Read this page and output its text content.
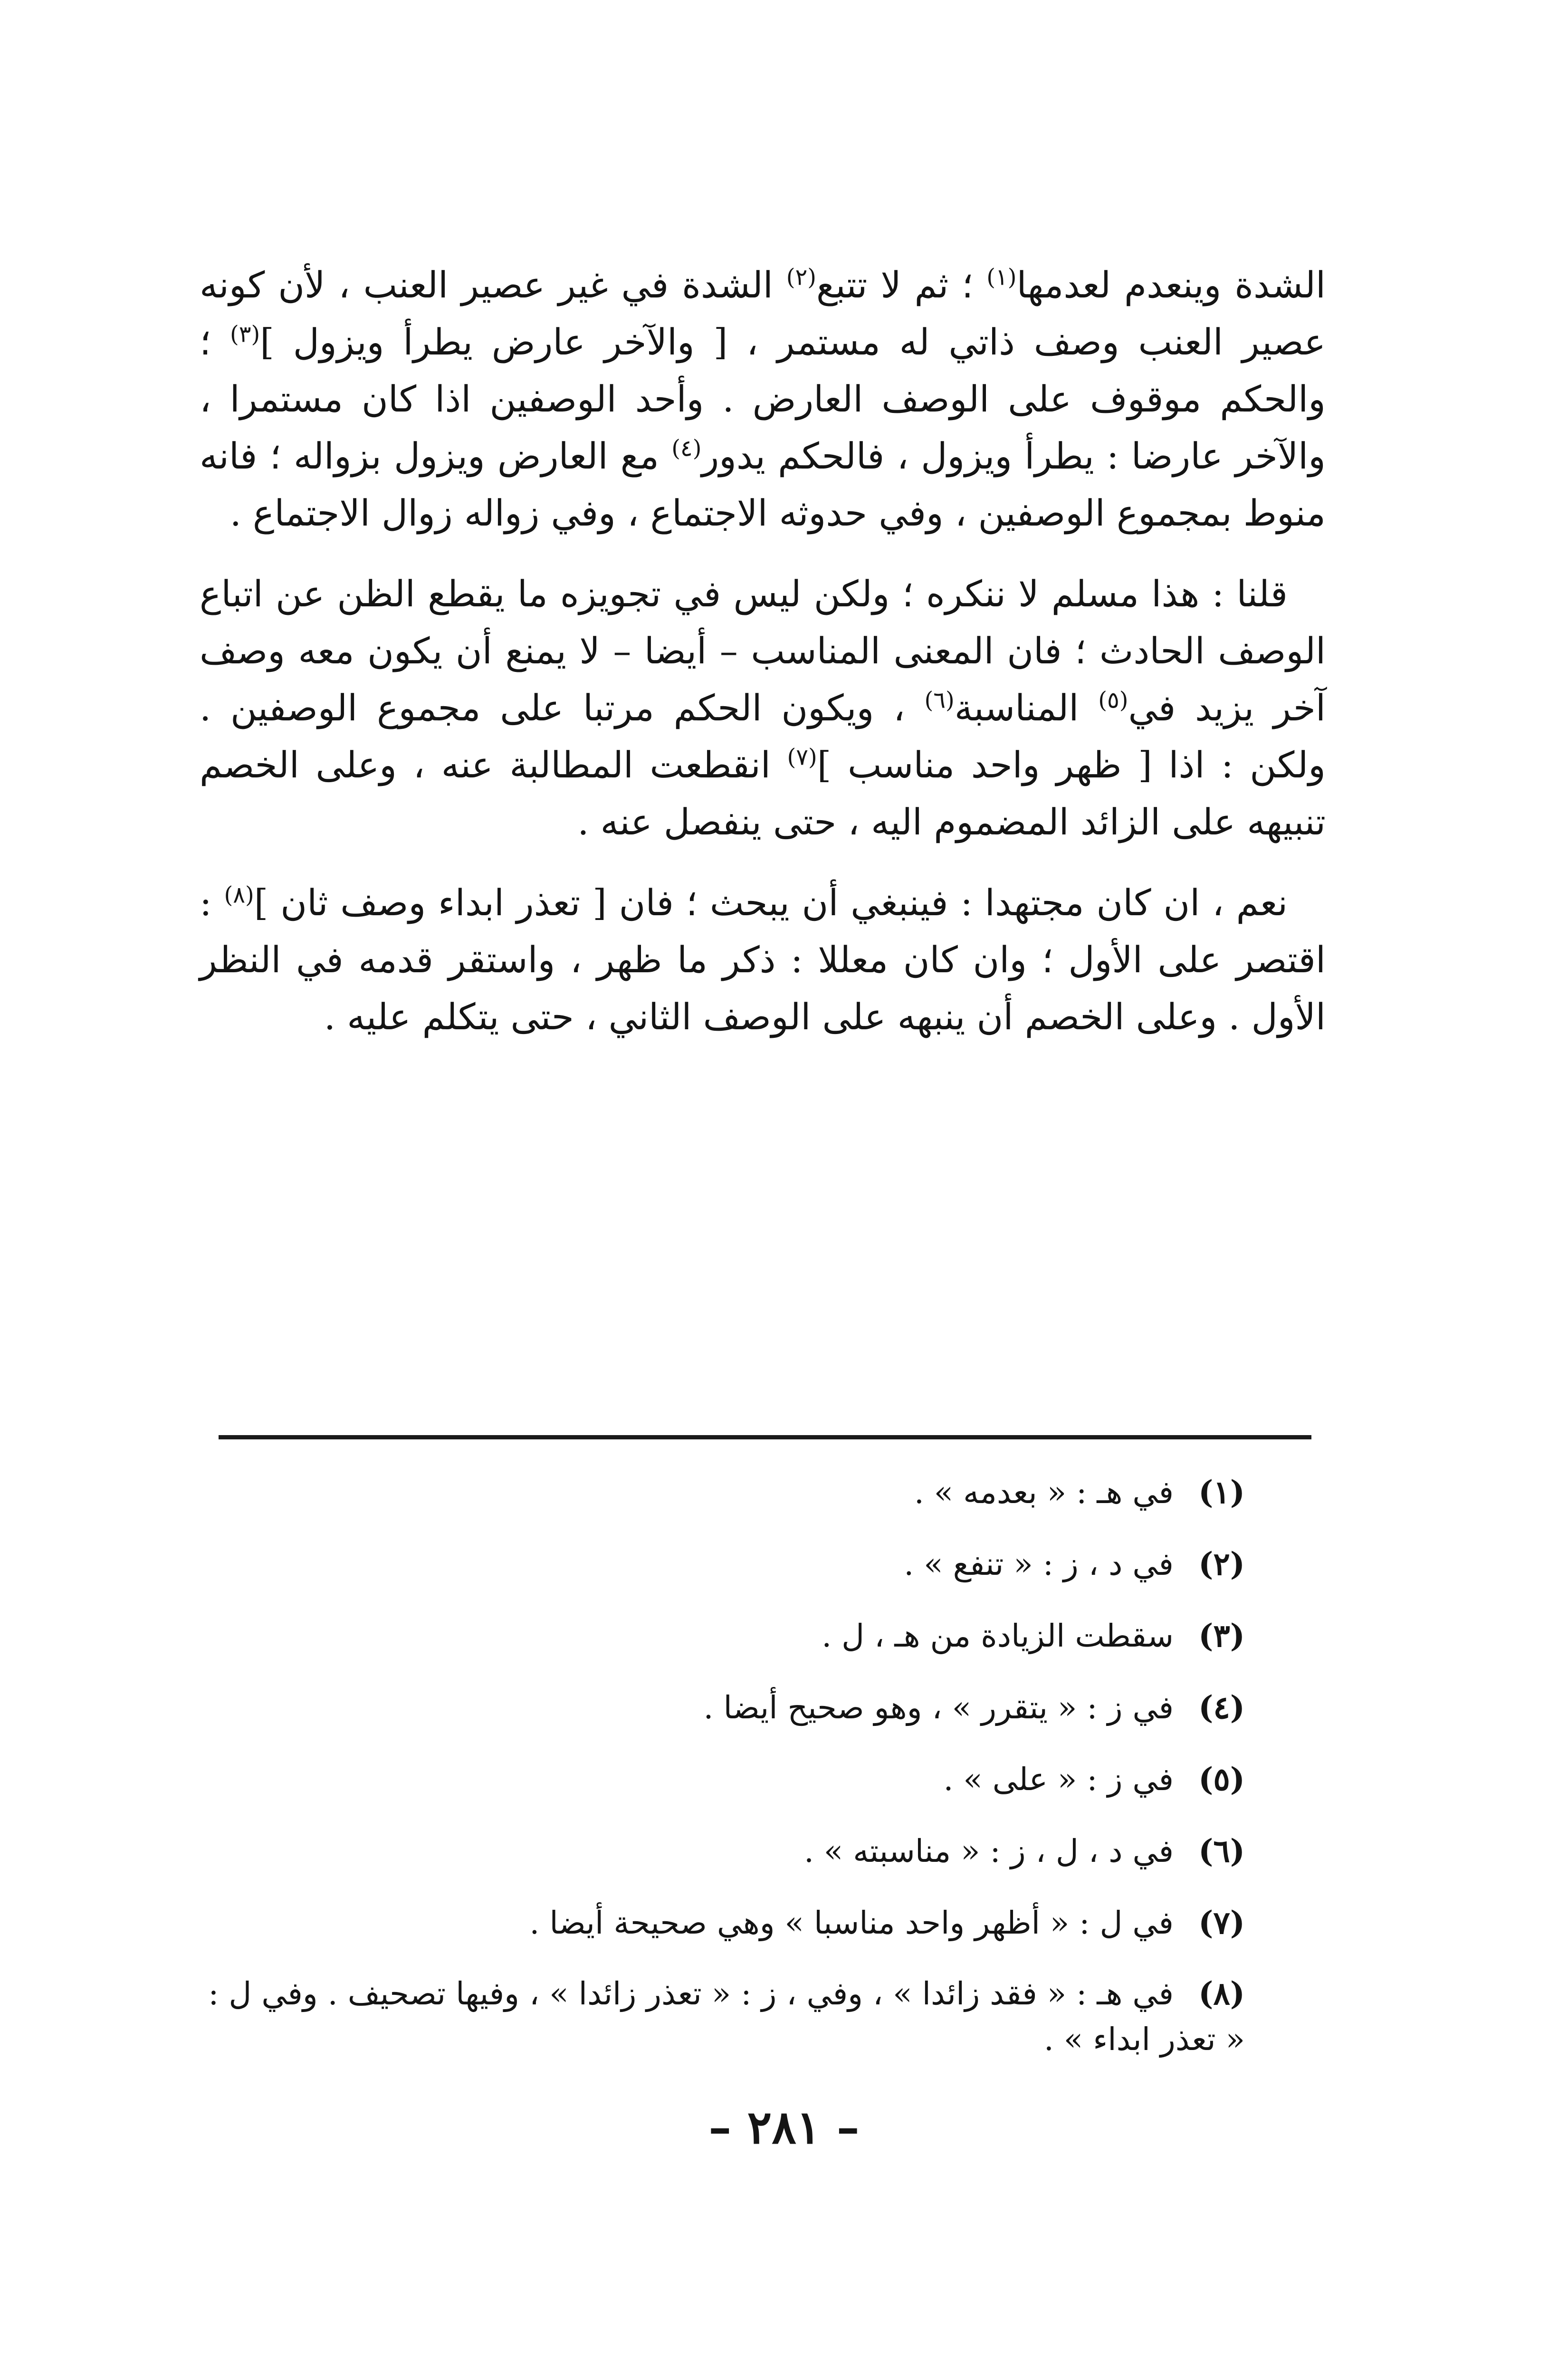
الشدة وينعدم لعدمها$^{(١)}$ ؛ ثم لا تتبع$^{(٢)}$ الشدة في غير عصير العنب ، لأن كونه عصير العنب وصف ذاتي له مستمر ، [ والآخر عارض يطرأ ويزول ]$^{(٣)}$ ؛ والحكم موقوف على الوصف العارض . وأحد الوصفين اذا كان مستمرا ، والآخر عارضا : يطرأ ويزول ، فالحكم يدور$^{(٤)}$ مع العارض ويزول بزواله ؛ فانه منوط بمجموع الوصفين ، وفي حدوثه الاجتماع ، وفي زواله زوال الاجتماع .

قلنا : هذا مسلم لا ننكره ؛ ولكن ليس في تجويزه ما يقطع الظن عن اتباع الوصف الحادث ؛ فان المعنى المناسب – أيضا – لا يمنع أن يكون معه وصف آخر يزيد في$^{(٥)}$ المناسبة$^{(٦)}$ ، ويكون الحكم مرتبا على مجموع الوصفين . ولكن : اذا [ ظهر واحد مناسب ]$^{(٧)}$ انقطعت المطالبة عنه ، وعلى الخصم تنبيهه على الزائد المضموم اليه ، حتى ينفصل عنه .

نعم ، ان كان مجتهدا : فينبغي أن يبحث ؛ فان [ تعذر ابداء وصف ثان ]$^{(٨)}$ : اقتصر على الأول ؛ وان كان معللا : ذكر ما ظهر ، واستقر قدمه في النظر الأول . وعلى الخصم أن ينبهه على الوصف الثاني ، حتى يتكلم عليه .

(١)في هـ : « بعدمه » .

(٢)في د ، ز : « تنفع » .

(٣)سقطت الزيادة من هـ ، ل .

(٤)في ز : « يتقرر » ، وهو صحيح أيضا .

(٥)في ز : « على » .

(٦)في د ، ل ، ز : « مناسبته » .

(٧)في ل : « أظهر واحد مناسبا » وهي صحيحة أيضا .

(٨)في هـ : « فقد زائدا » ، وفي ، ز : « تعذر زائدا » ، وفيها تصحيف . وفي ل : « تعذر ابداء » .

– ٢٨١ –
